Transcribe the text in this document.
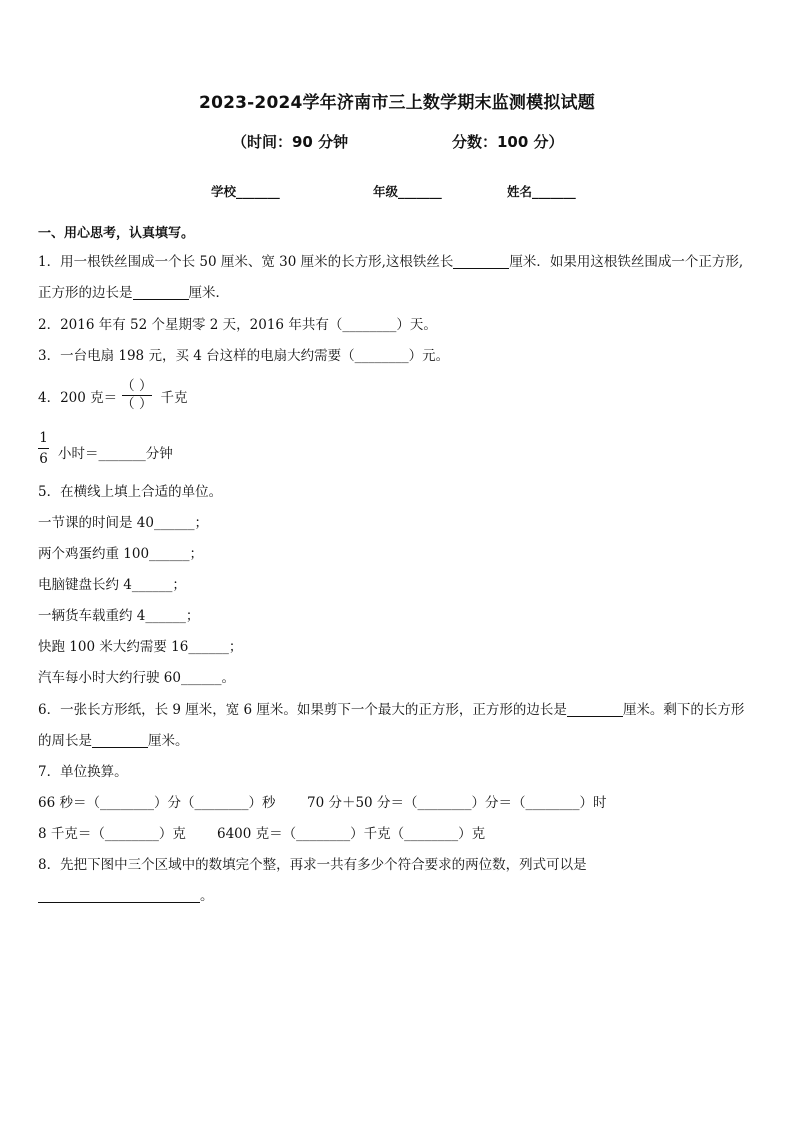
2023-2024学年济南市三上数学期末监测模拟试题
（时间：90 分钟	分数：100 分）
学校_______	年级_______	姓名_______
一、用心思考，认真填写。
1．用一根铁丝围成一个长 50 厘米、宽 30 厘米的长方形,这根铁丝长	厘米．如果用这根铁丝围成一个正方形,
正方形的边长是	厘米．
2．2016 年有 52 个星期零 2 天，2016 年共有（________）天。
3．一台电扇 198 元，买 4 台这样的电扇大约需要（________）元。
4．200 克＝ $\frac{( )}{( )}$ 千克
1
6 小时＝_______分钟
5．在横线上填上合适的单位。
一节课的时间是 40______；
两个鸡蛋约重 100______；
电脑键盘长约 4______；
一辆货车载重约 4______；
快跑 100 米大约需要 16______；
汽车每小时大约行驶 60______。
6．一张长方形纸，长 9 厘米，宽 6 厘米。如果剪下一个最大的正方形，正方形的边长是	厘米。剩下的长方形
的周长是	厘米。
7．单位换算。
66 秒＝（________）分（________）秒 70 分＋50 分＝（________）分＝（________）时
8 千克＝（________）克 6400 克＝（________）千克（________）克
8．先把下图中三个区域中的数填完个整，再求一共有多少个符合要求的两位数，列式可以是
。
